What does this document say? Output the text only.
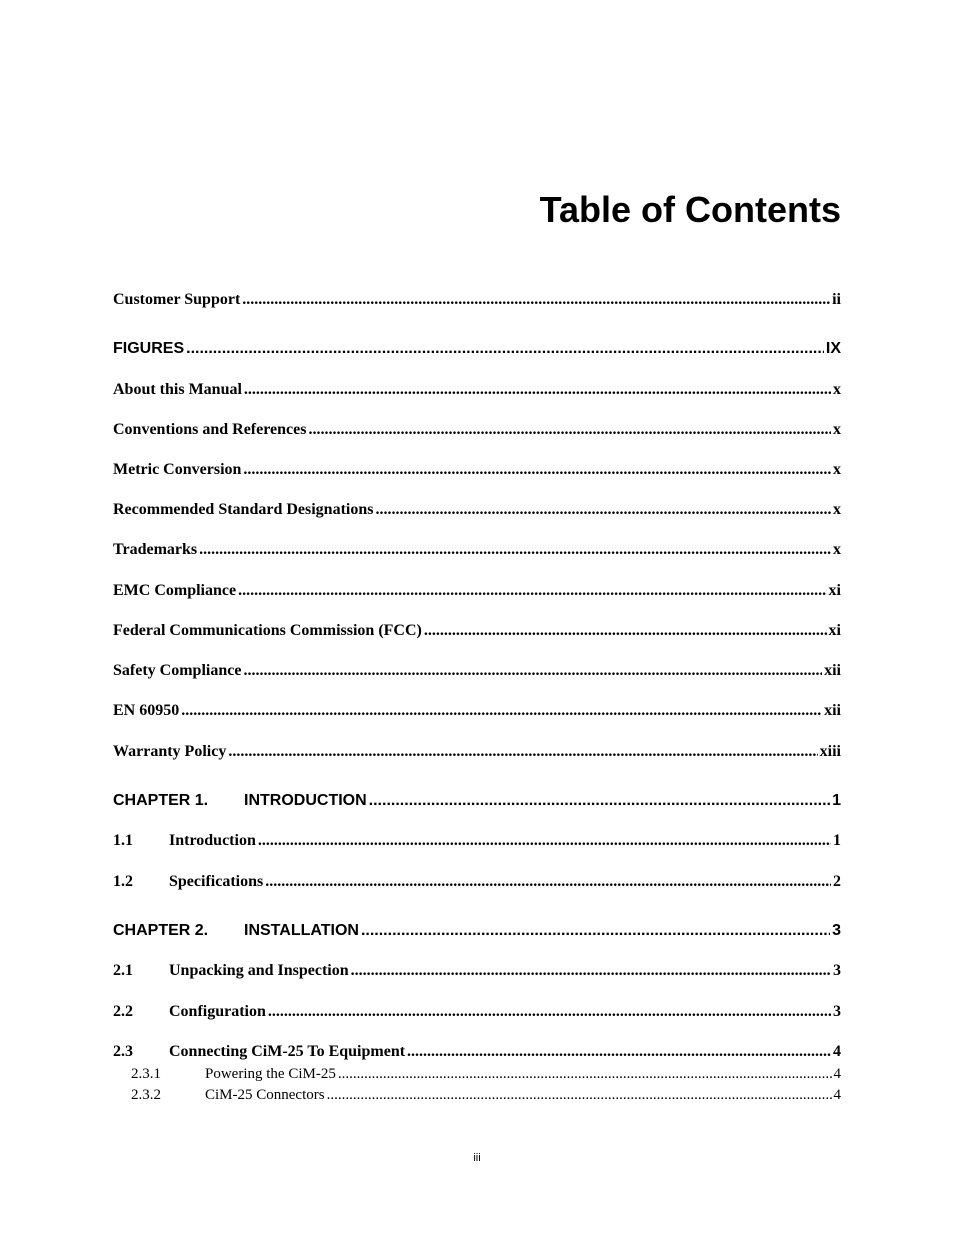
Table of Contents
Customer Support .....	ii
FIGURES .....	IX
About this Manual .....	x
Conventions and References .....	x
Metric Conversion .....	x
Recommended Standard Designations .....	x
Trademarks .....	x
EMC Compliance .....	xi
Federal Communications Commission (FCC) .....	xi
Safety Compliance .....	xii
EN 60950 .....	xii
Warranty Policy .....	xiii
CHAPTER 1.	INTRODUCTION .....	1
1.1	Introduction .....	1
1.2	Specifications .....	2
CHAPTER 2.	INSTALLATION .....	3
2.1	Unpacking and Inspection .....	3
2.2	Configuration .....	3
2.3	Connecting CiM-25 To Equipment .....	4
2.3.1	Powering the CiM-25 .....	4
2.3.2	CiM-25 Connectors .....	4
iii
